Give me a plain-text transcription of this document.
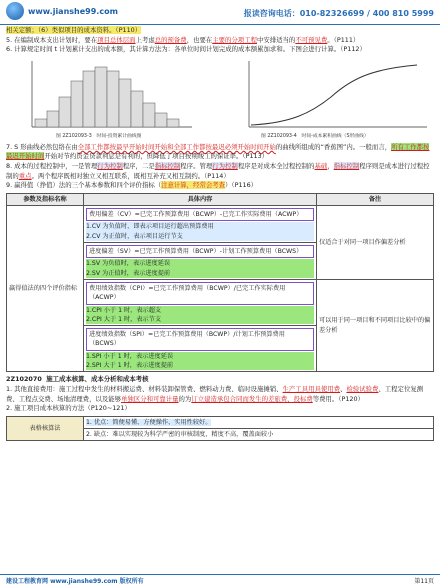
www.jianshe99.com	报读咨询电话：010-82326699 / 400 810 5999

相关定额；（6）类似项目的成本资料。（P110）

5. 在编制成本支出计划时，要在项目总体层面上考虑总的预备费，也要在主要的分项工程中安排适当的不可预见费。（P111）

6. 计算规定时间 t 计划累计支出的成本额，其计算方法为：各单位时间计划完成的成本额累加求和。下图会进行计算。（P112）

图 2Z102093-3　时间-投资累计曲线图	图 2Z102093-4　时间-成本累积曲线（S形曲线）

7. S 形曲线必然包络在由全部工作都按最早开始时间开始和全部工作都按最迟必须开始时间开始的曲线所组成的“香蕉图”内。一般而言，所有工作都按最迟开始时间开始对节约资金贷款利息是有利的，但降低了项目按期竣工的保证率。（P113）

8. 成本的过程控制中，一是管理行为控制程序，二是指标控制程序。管理行为控制程序是对成本全过程控制的基础，指标控制程序则是成本进行过程控制的重点。两个程序既相对独立又相互联系，既相互补充又相互制约。（P114）

9. 赢得值（挣值）法的三个基本参数和四个评价指标（注意计算，经常会考查）（P116）

参数及指标名称	具体内容	备注
赢得值法的四个评价指标	费用偏差（CV）=已完工作预算费用（BCWP）-已完工作实际费用（ACWP）
1.CV 为负值时，即表示项目运行超出预算费用
2.CV 为正值时，表示项目运行节支	仅适合于对同一项目作偏差分析

	进度偏差（SV）=已完工作预算费用（BCWP）-计划工作预算费用（BCWS）
1.SV 为负值时，表示进度延误
2.SV 为正值时，表示进度提前	

	费用绩效指数（CPI）=已完工作预算费用（BCWP）/已完工作实际费用（ACWP）
1.CPI 小于 1 时，表示超支
2.CPI 大于 1 时，表示节支	可以用于同一项目和不同项目比较中的偏差分析

	进度绩效指数（SPI）=已完工作预算费用（BCWP）/计划工作预算费用（BCWS）
1.SPI 小于 1 时，表示进度延误
2.SPI 大于 1 时，表示进度提前	

2Z102070 施工成本核算、成本分析和成本考核

1. 其他直接费用：施工过程中发生的材料搬运费、材料装卸保管费、燃料动力费、临时设施摊销、生产工具用具使用费、检验试验费、工程定位复测费、工程点交费、场地清理费，以及能够单独区分和可靠计量的为订立建造承包合同而发生的差旅费、投标费等费用。（P120）

2. 施工项目成本核算的方法（P120~121）

表格核算法	1. 优点：简便易懂、方便操作、实用性较好。
2. 缺点：难以实现较为科学严密的审核制度，精度不高，覆盖面较小
建设工程教育网 www.jianshe99.com 版权所有	第11页
